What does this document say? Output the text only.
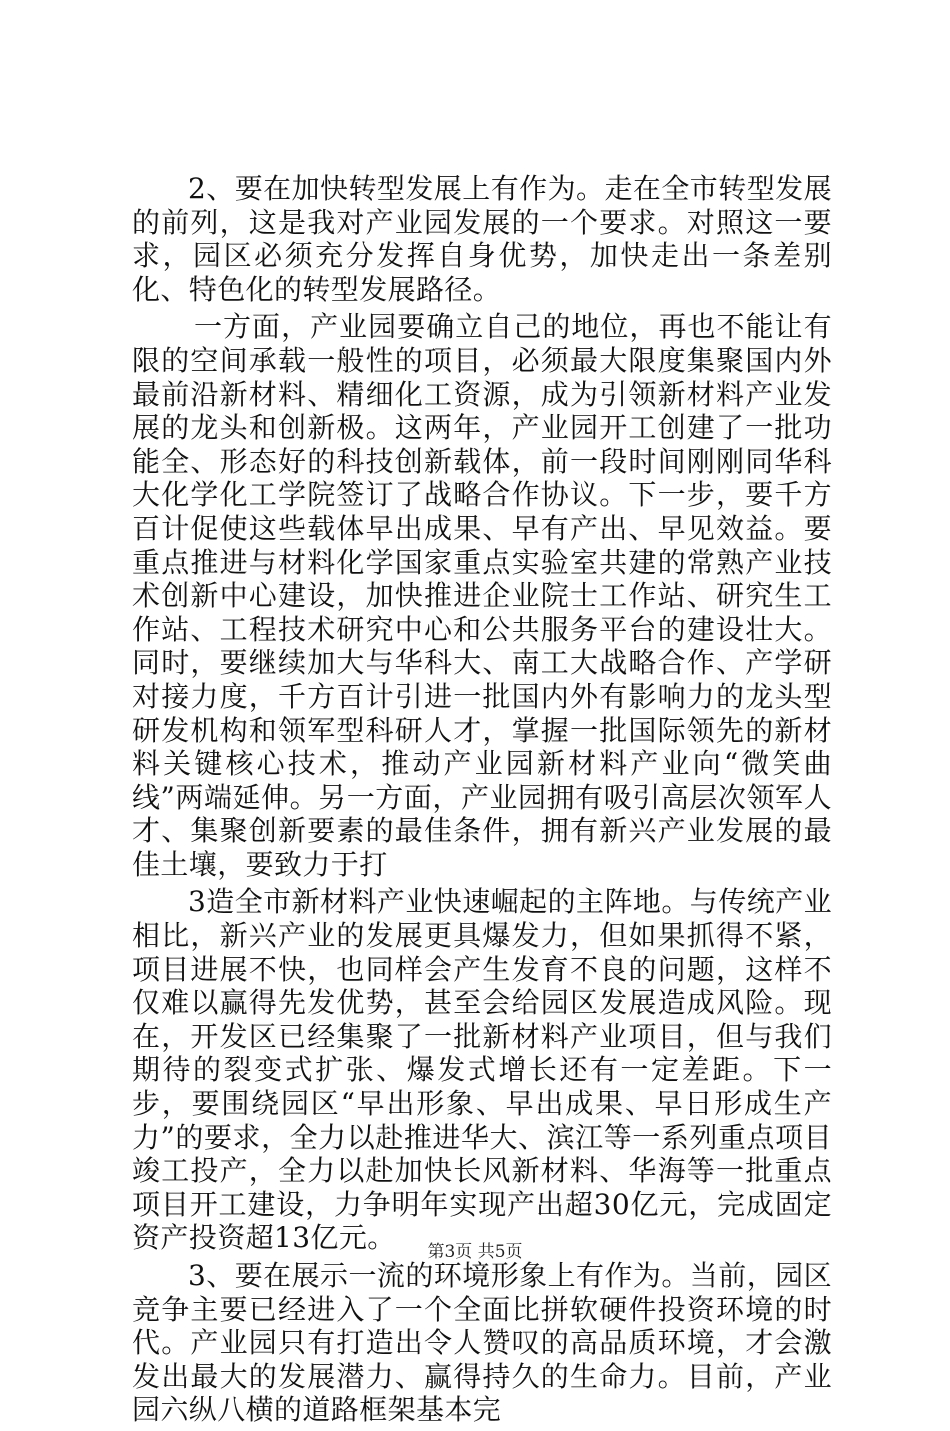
2、要在加快转型发展上有作为。走在全市转型发展的前列，这是我对产业园发展的一个要求。对照这一要求，园区必须充分发挥自身优势，加快走出一条差别化、特色化的转型发展路径。

一方面，产业园要确立自己的地位，再也不能让有限的空间承载一般性的项目，必须最大限度集聚国内外最前沿新材料、精细化工资源，成为引领新材料产业发展的龙头和创新极。这两年，产业园开工创建了一批功能全、形态好的科技创新载体，前一段时间刚刚同华科大化学化工学院签订了战略合作协议。下一步，要千方百计促使这些载体早出成果、早有产出、早见效益。要重点推进与材料化学国家重点实验室共建的常熟产业技术创新中心建设，加快推进企业院士工作站、研究生工作站、工程技术研究中心和公共服务平台的建设壮大。同时，要继续加大与华科大、南工大战略合作、产学研对接力度，千方百计引进一批国内外有影响力的龙头型研发机构和领军型科研人才，掌握一批国际领先的新材料关键核心技术，推动产业园新材料产业向“微笑曲线”两端延伸。另一方面，产业园拥有吸引高层次领军人才、集聚创新要素的最佳条件，拥有新兴产业发展的最佳土壤，要致力于打

3造全市新材料产业快速崛起的主阵地。与传统产业相比，新兴产业的发展更具爆发力，但如果抓得不紧，项目进展不快，也同样会产生发育不良的问题，这样不仅难以赢得先发优势，甚至会给园区发展造成风险。现在，开发区已经集聚了一批新材料产业项目，但与我们期待的裂变式扩张、爆发式增长还有一定差距。下一步，要围绕园区“早出形象、早出成果、早日形成生产力”的要求，全力以赴推进华大、滨江等一系列重点项目竣工投产，全力以赴加快长风新材料、华海等一批重点项目开工建设，力争明年实现产出超30亿元，完成固定资产投资超13亿元。

3、要在展示一流的环境形象上有作为。当前，园区竞争主要已经进入了一个全面比拼软硬件投资环境的时代。产业园只有打造出令人赞叹的高品质环境，才会激发出最大的发展潜力、赢得持久的生命力。目前，产业园六纵八横的道路框架基本完

第3页 共5页
